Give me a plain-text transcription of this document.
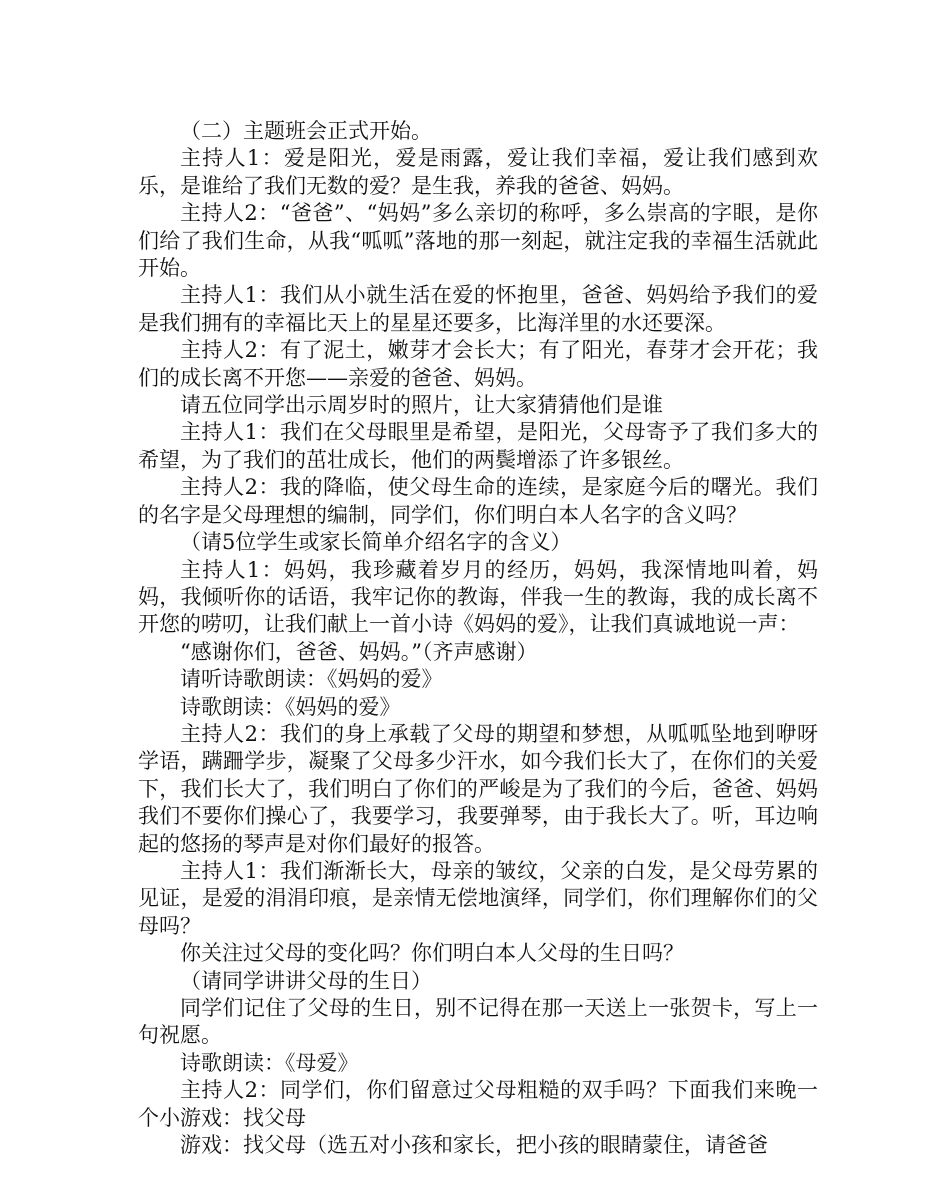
（二）主题班会正式开始。

主持人1：爱是阳光，爱是雨露，爱让我们幸福，爱让我们感到欢乐，是谁给了我们无数的爱？是生我，养我的爸爸、妈妈。

主持人2：“爸爸”、“妈妈”多么亲切的称呼，多么崇高的字眼，是你们给了我们生命，从我“呱呱”落地的那一刻起，就注定我的幸福生活就此开始。

主持人1：我们从小就生活在爱的怀抱里，爸爸、妈妈给予我们的爱是我们拥有的幸福比天上的星星还要多，比海洋里的水还要深。

主持人2：有了泥土，嫩芽才会长大；有了阳光，春芽才会开花；我们的成长离不开您——亲爱的爸爸、妈妈。

请五位同学出示周岁时的照片，让大家猜猜他们是谁

主持人1：我们在父母眼里是希望，是阳光，父母寄予了我们多大的希望，为了我们的茁壮成长，他们的两鬓增添了许多银丝。

主持人2：我的降临，使父母生命的连续，是家庭今后的曙光。我们的名字是父母理想的编制，同学们，你们明白本人名字的含义吗？

（请5位学生或家长简单介绍名字的含义）

主持人1：妈妈，我珍藏着岁月的经历，妈妈，我深情地叫着，妈妈，我倾听你的话语，我牢记你的教诲，伴我一生的教诲，我的成长离不开您的唠叨，让我们献上一首小诗《妈妈的爱》，让我们真诚地说一声：

“感谢你们，爸爸、妈妈。”（齐声感谢）

请听诗歌朗读：《妈妈的爱》

诗歌朗读：《妈妈的爱》

主持人2：我们的身上承载了父母的期望和梦想，从呱呱坠地到咿呀学语，蹒跚学步，凝聚了父母多少汗水，如今我们长大了，在你们的关爱下，我们长大了，我们明白了你们的严峻是为了我们的今后，爸爸、妈妈我们不要你们操心了，我要学习，我要弹琴，由于我长大了。听，耳边响起的悠扬的琴声是对你们最好的报答。

主持人1：我们渐渐长大，母亲的皱纹，父亲的白发，是父母劳累的见证，是爱的涓涓印痕，是亲情无偿地演绎，同学们，你们理解你们的父母吗？

你关注过父母的变化吗？你们明白本人父母的生日吗？

（请同学讲讲父母的生日）

同学们记住了父母的生日，别不记得在那一天送上一张贺卡，写上一句祝愿。

诗歌朗读：《母爱》

主持人2：同学们，你们留意过父母粗糙的双手吗？下面我们来晚一个小游戏：找父母

游戏：找父母（选五对小孩和家长，把小孩的眼睛蒙住，请爸爸
